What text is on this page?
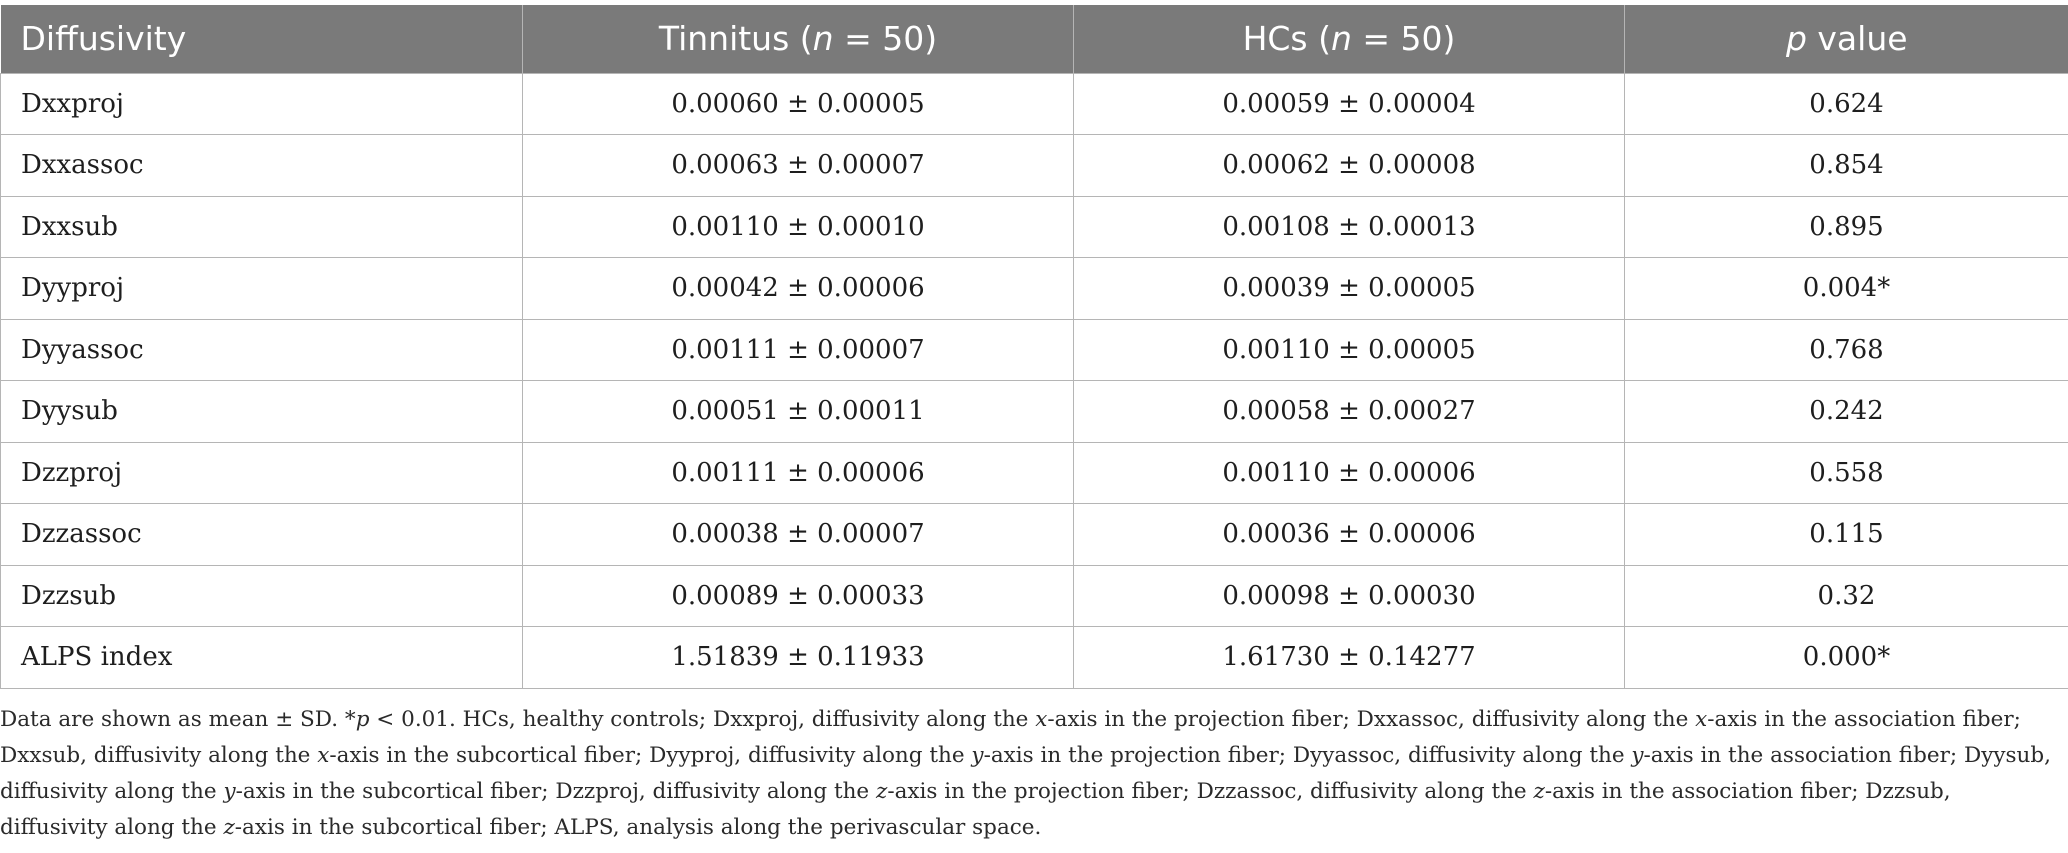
Diffusivity	Tinnitus (n = 50)	HCs (n = 50)	p value
Dxxproj	0.00060 ± 0.00005	0.00059 ± 0.00004	0.624
Dxxassoc	0.00063 ± 0.00007	0.00062 ± 0.00008	0.854
Dxxsub	0.00110 ± 0.00010	0.00108 ± 0.00013	0.895
Dyyproj	0.00042 ± 0.00006	0.00039 ± 0.00005	0.004*
Dyyassoc	0.00111 ± 0.00007	0.00110 ± 0.00005	0.768
Dyysub	0.00051 ± 0.00011	0.00058 ± 0.00027	0.242
Dzzproj	0.00111 ± 0.00006	0.00110 ± 0.00006	0.558
Dzzassoc	0.00038 ± 0.00007	0.00036 ± 0.00006	0.115
Dzzsub	0.00089 ± 0.00033	0.00098 ± 0.00030	0.32
ALPS index	1.51839 ± 0.11933	1.61730 ± 0.14277	0.000*

Data are shown as mean ± SD. *p < 0.01. HCs, healthy controls; Dxxproj, diffusivity along the x-axis in the projection fiber; Dxxassoc, diffusivity along the x-axis in the association fiber; Dxxsub, diffusivity along the x-axis in the subcortical fiber; Dyyproj, diffusivity along the y-axis in the projection fiber; Dyyassoc, diffusivity along the y-axis in the association fiber; Dyysub, diffusivity along the y-axis in the subcortical fiber; Dzzproj, diffusivity along the z-axis in the projection fiber; Dzzassoc, diffusivity along the z-axis in the association fiber; Dzzsub, diffusivity along the z-axis in the subcortical fiber; ALPS, analysis along the perivascular space.
